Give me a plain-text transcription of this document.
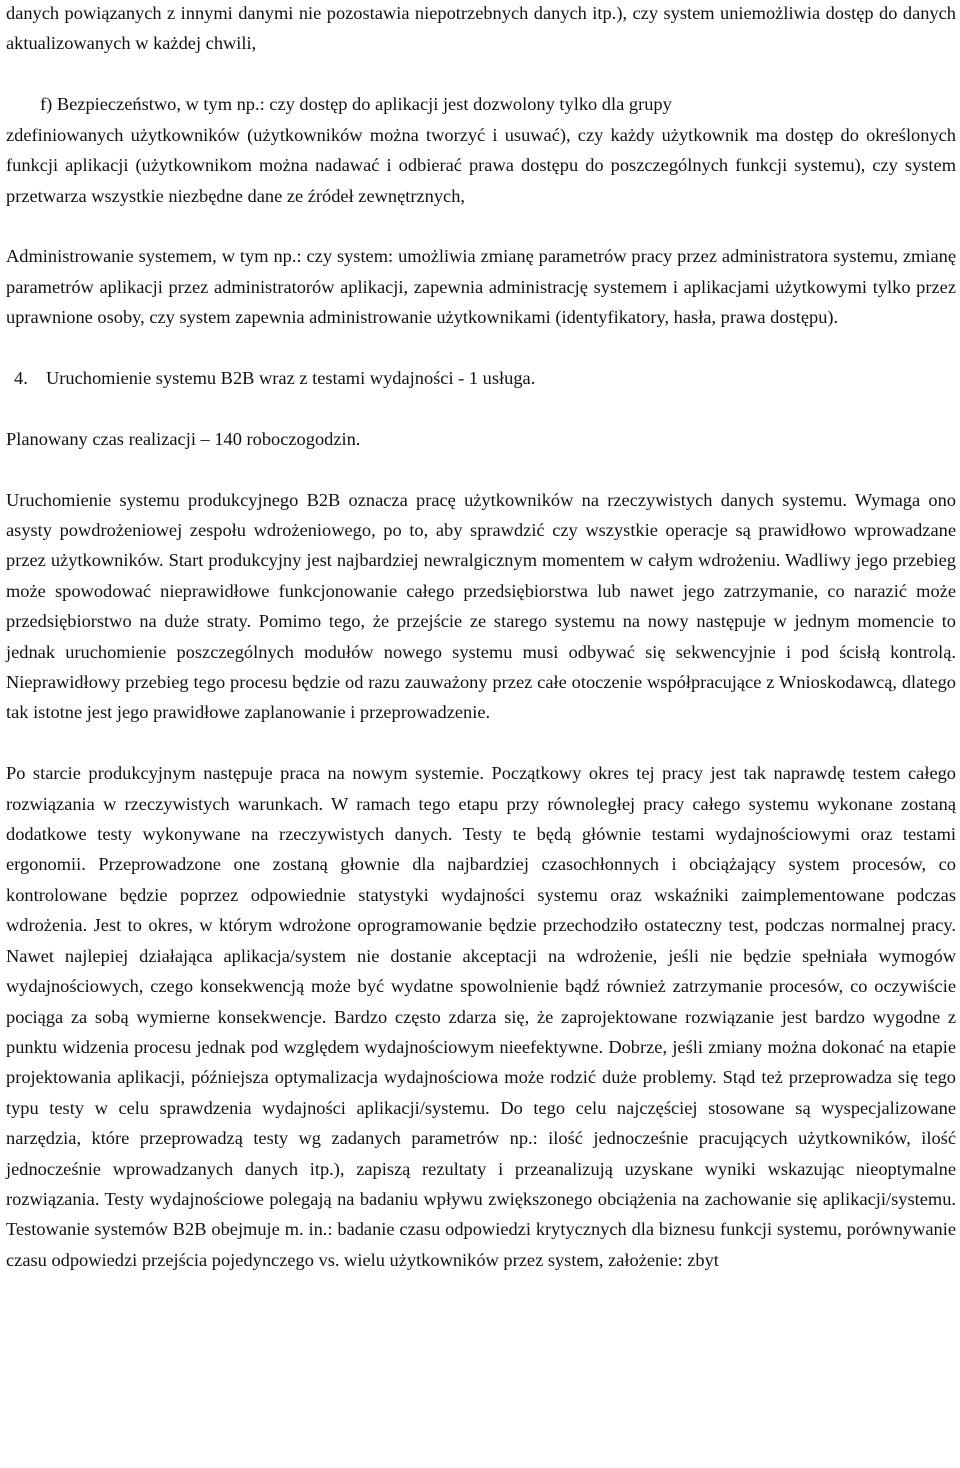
danych powiązanych z innymi danymi nie pozostawia niepotrzebnych danych itp.), czy system uniemożliwia dostęp do danych aktualizowanych w każdej chwili,

f) Bezpieczeństwo, w tym np.: czy dostęp do aplikacji jest dozwolony tylko dla grupy

zdefiniowanych użytkowników (użytkowników można tworzyć i usuwać), czy każdy użytkownik ma dostęp do określonych funkcji aplikacji (użytkownikom można nadawać i odbierać prawa dostępu do poszczególnych funkcji systemu), czy system przetwarza wszystkie niezbędne dane ze źródeł zewnętrznych,

Administrowanie systemem, w tym np.: czy system: umożliwia zmianę parametrów pracy przez administratora systemu, zmianę parametrów aplikacji przez administratorów aplikacji, zapewnia administrację systemem i aplikacjami użytkowymi tylko przez uprawnione osoby, czy system zapewnia administrowanie użytkownikami (identyfikatory, hasła, prawa dostępu).

4. Uruchomienie systemu B2B wraz z testami wydajności - 1 usługa.

Planowany czas realizacji – 140 roboczogodzin.

Uruchomienie systemu produkcyjnego B2B oznacza pracę użytkowników na rzeczywistych danych systemu. Wymaga ono asysty powdrożeniowej zespołu wdrożeniowego, po to, aby sprawdzić czy wszystkie operacje są prawidłowo wprowadzane przez użytkowników. Start produkcyjny jest najbardziej newralgicznym momentem w całym wdrożeniu. Wadliwy jego przebieg może spowodować nieprawidłowe funkcjonowanie całego przedsiębiorstwa lub nawet jego zatrzymanie, co narazić może przedsiębiorstwo na duże straty. Pomimo tego, że przejście ze starego systemu na nowy następuje w jednym momencie to jednak uruchomienie poszczególnych modułów nowego systemu musi odbywać się sekwencyjnie i pod ścisłą kontrolą. Nieprawidłowy przebieg tego procesu będzie od razu zauważony przez całe otoczenie współpracujące z Wnioskodawcą, dlatego tak istotne jest jego prawidłowe zaplanowanie i przeprowadzenie.

Po starcie produkcyjnym następuje praca na nowym systemie. Początkowy okres tej pracy jest tak naprawdę testem całego rozwiązania w rzeczywistych warunkach. W ramach tego etapu przy równoległej pracy całego systemu wykonane zostaną dodatkowe testy wykonywane na rzeczywistych danych. Testy te będą głównie testami wydajnościowymi oraz testami ergonomii. Przeprowadzone one zostaną głownie dla najbardziej czasochłonnych i obciążający system procesów, co kontrolowane będzie poprzez odpowiednie statystyki wydajności systemu oraz wskaźniki zaimplementowane podczas wdrożenia. Jest to okres, w którym wdrożone oprogramowanie będzie przechodziło ostateczny test, podczas normalnej pracy. Nawet najlepiej działająca aplikacja/system nie dostanie akceptacji na wdrożenie, jeśli nie będzie spełniała wymogów wydajnościowych, czego konsekwencją może być wydatne spowolnienie bądź również zatrzymanie procesów, co oczywiście pociąga za sobą wymierne konsekwencje. Bardzo często zdarza się, że zaprojektowane rozwiązanie jest bardzo wygodne z punktu widzenia procesu jednak pod względem wydajnościowym nieefektywne. Dobrze, jeśli zmiany można dokonać na etapie projektowania aplikacji, późniejsza optymalizacja wydajnościowa może rodzić duże problemy. Stąd też przeprowadza się tego typu testy w celu sprawdzenia wydajności aplikacji/systemu. Do tego celu najczęściej stosowane są wyspecjalizowane narzędzia, które przeprowadzą testy wg zadanych parametrów np.: ilość jednocześnie pracujących użytkowników, ilość jednocześnie wprowadzanych danych itp.), zapiszą rezultaty i przeanalizują uzyskane wyniki wskazując nieoptymalne rozwiązania. Testy wydajnościowe polegają na badaniu wpływu zwiększonego obciążenia na zachowanie się aplikacji/systemu. Testowanie systemów B2B obejmuje m. in.: badanie czasu odpowiedzi krytycznych dla biznesu funkcji systemu, porównywanie czasu odpowiedzi przejścia pojedynczego vs. wielu użytkowników przez system, założenie: zbyt
